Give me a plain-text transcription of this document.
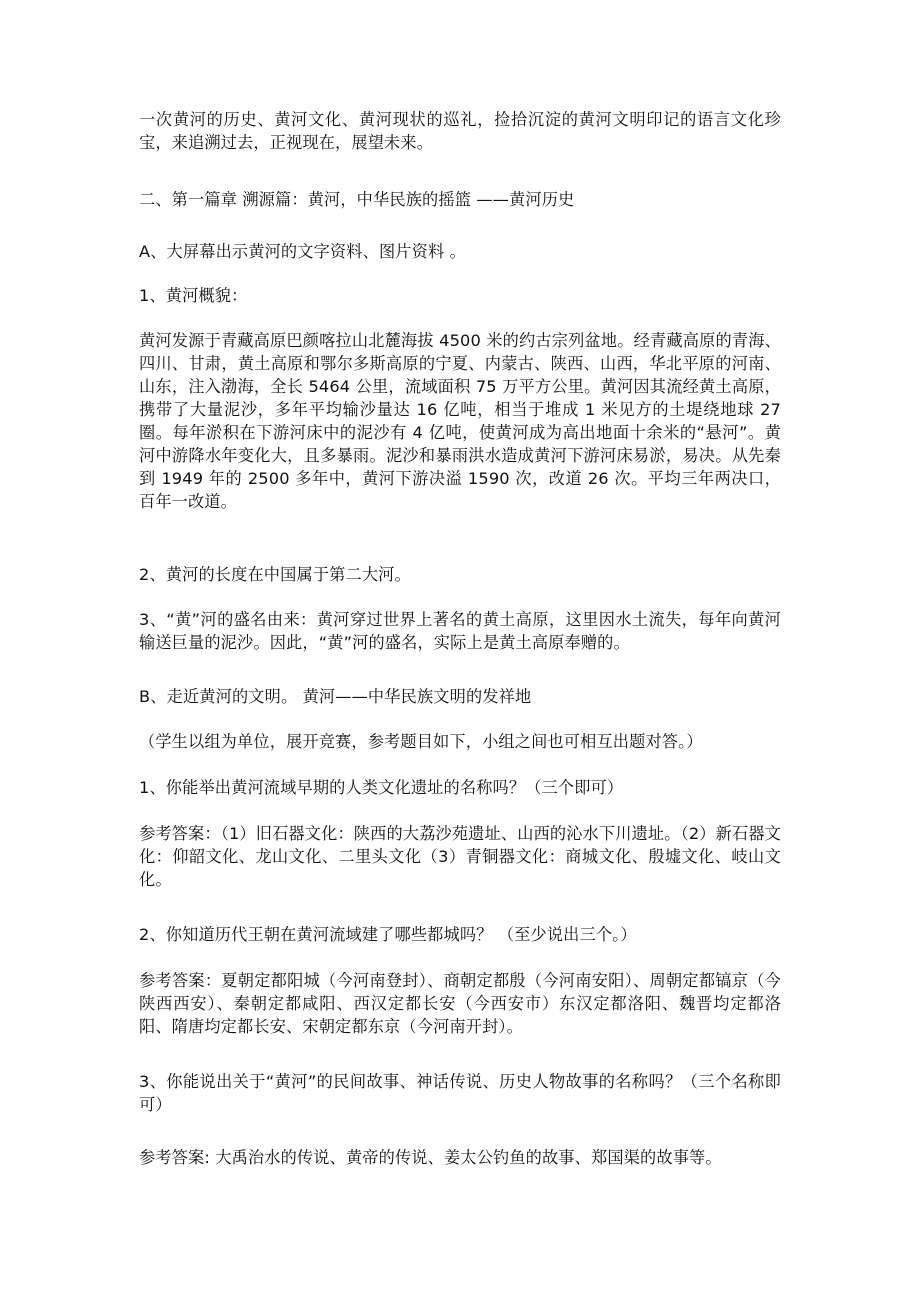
一次黄河的历史、黄河文化、黄河现状的巡礼，捡拾沉淀的黄河文明印记的语言文化珍宝，来追溯过去，正视现在，展望未来。

二、第一篇章 溯源篇：黄河，中华民族的摇篮 ——黄河历史

A、大屏幕出示黄河的文字资料、图片资料 。

1、黄河概貌：

黄河发源于青藏高原巴颜喀拉山北麓海拔 4500 米的约古宗列盆地。经青藏高原的青海、四川、甘肃，黄土高原和鄂尔多斯高原的宁夏、内蒙古、陕西、山西，华北平原的河南、山东，注入渤海，全长 5464 公里，流域面积 75 万平方公里。黄河因其流经黄土高原，携带了大量泥沙，多年平均输沙量达 16 亿吨，相当于堆成 1 米见方的土堤绕地球 27 圈。每年淤积在下游河床中的泥沙有 4 亿吨，使黄河成为高出地面十余米的“悬河”。黄河中游降水年变化大，且多暴雨。泥沙和暴雨洪水造成黄河下游河床易淤，易决。从先秦到 1949 年的 2500 多年中，黄河下游决溢 1590 次，改道 26 次。平均三年两决口，百年一改道。

2、黄河的长度在中国属于第二大河。

3、“黄”河的盛名由来：黄河穿过世界上著名的黄土高原，这里因水土流失，每年向黄河输送巨量的泥沙。因此，“黄”河的盛名，实际上是黄土高原奉赠的。

B、走近黄河的文明。 黄河——中华民族文明的发祥地

（学生以组为单位，展开竞赛，参考题目如下，小组之间也可相互出题对答。）

1、你能举出黄河流域早期的人类文化遗址的名称吗？（三个即可）

参考答案：（1）旧石器文化：陕西的大荔沙苑遗址、山西的沁水下川遗址。（2）新石器文化：仰韶文化、龙山文化、二里头文化（3）青铜器文化：商城文化、殷墟文化、岐山文化。

2、你知道历代王朝在黄河流域建了哪些都城吗？ （至少说出三个。）

参考答案：夏朝定都阳城（今河南登封）、商朝定都殷（今河南安阳）、周朝定都镐京（今陕西西安）、秦朝定都咸阳、西汉定都长安（今西安市）东汉定都洛阳、魏晋均定都洛阳、隋唐均定都长安、宋朝定都东京（今河南开封）。

3、你能说出关于“黄河”的民间故事、神话传说、历史人物故事的名称吗？（三个名称即可）

参考答案: 大禹治水的传说、黄帝的传说、姜太公钓鱼的故事、郑国渠的故事等。
